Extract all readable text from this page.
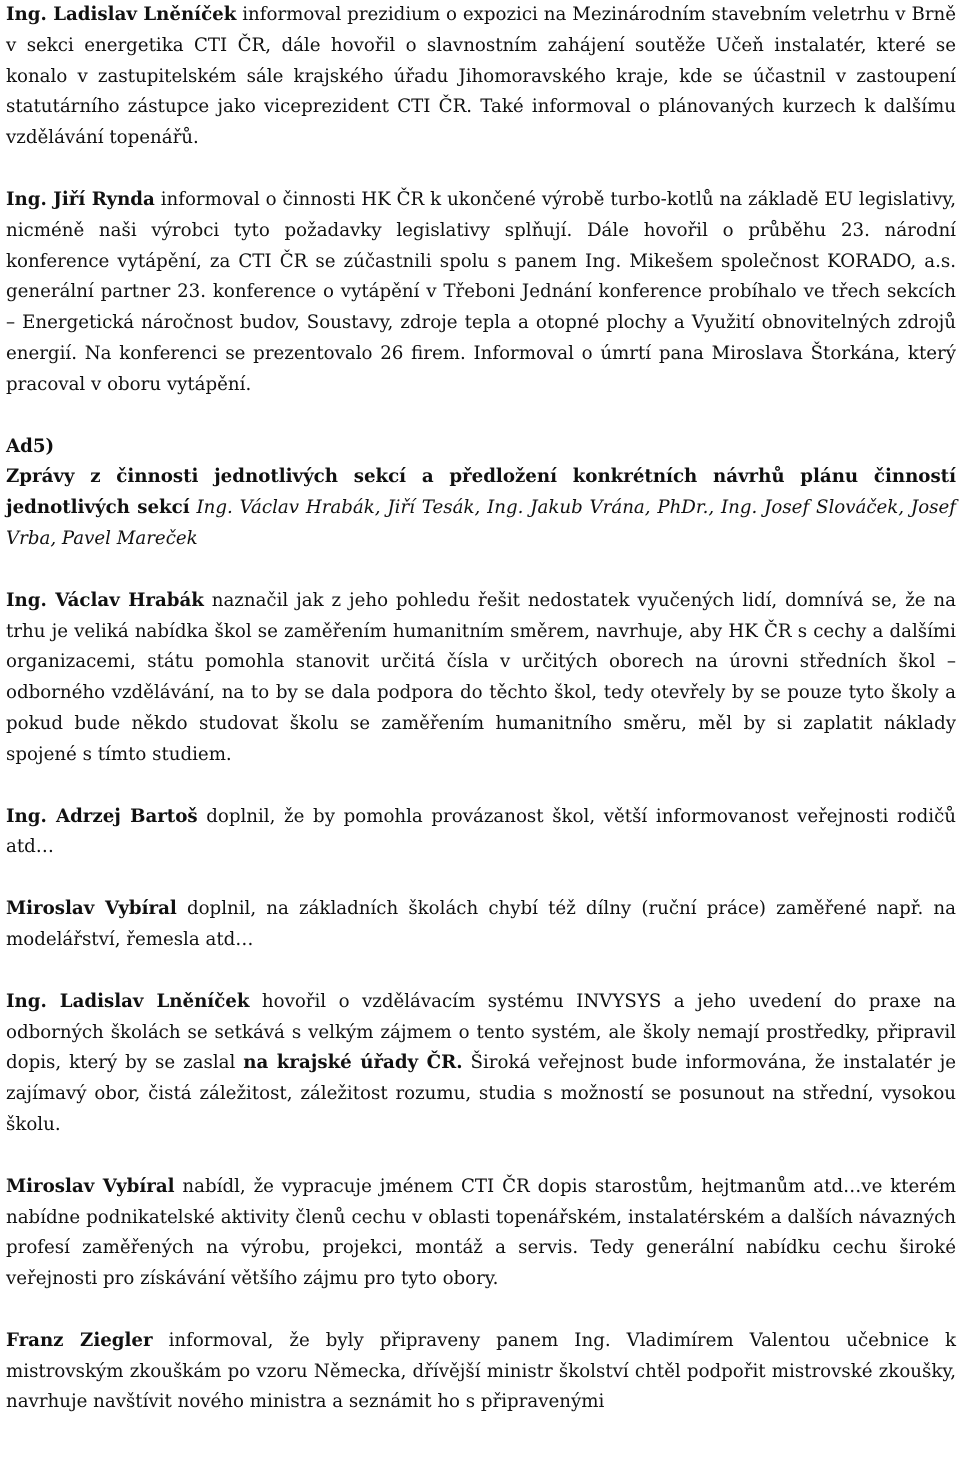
Ing. Ladislav Lněníček informoval prezidium o expozici na Mezinárodním stavebním veletrhu v Brně v sekci energetika CTI ČR, dále hovořil o slavnostním zahájení soutěže Učeň instalatér, které se konalo v zastupitelském sále krajského úřadu Jihomoravského kraje, kde se účastnil v zastoupení statutárního zástupce jako viceprezident CTI ČR. Také informoval o plánovaných kurzech k dalšímu vzdělávání topenářů.

Ing. Jiří Rynda informoval o činnosti HK ČR k ukončené výrobě turbo-kotlů na základě EU legislativy, nicméně naši výrobci tyto požadavky legislativy splňují. Dále hovořil o průběhu 23. národní konference vytápění, za CTI ČR se zúčastnili spolu s panem Ing. Mikešem společnost KORADO, a.s. generální partner 23. konference o vytápění v Třeboni Jednání konference probíhalo ve třech sekcích – Energetická náročnost budov, Soustavy, zdroje tepla a otopné plochy a Využití obnovitelných zdrojů energií. Na konferenci se prezentovalo 26 firem. Informoval o úmrtí pana Miroslava Štorkána, který pracoval v oboru vytápění.

Ad5)

Zprávy z činnosti jednotlivých sekcí a předložení konkrétních návrhů plánu činností jednotlivých sekcí Ing. Václav Hrabák, Jiří Tesák, Ing. Jakub Vrána, PhDr., Ing. Josef Slováček, Josef Vrba, Pavel Mareček

Ing. Václav Hrabák naznačil jak z jeho pohledu řešit nedostatek vyučených lidí, domnívá se, že na trhu je veliká nabídka škol se zaměřením humanitním směrem, navrhuje, aby HK ČR s cechy a dalšími organizacemi, státu pomohla stanovit určitá čísla v určitých oborech na úrovni středních škol – odborného vzdělávání, na to by se dala podpora do těchto škol, tedy otevřely by se pouze tyto školy a pokud bude někdo studovat školu se zaměřením humanitního směru, měl by si zaplatit náklady spojené s tímto studiem.

Ing. Adrzej Bartoš doplnil, že by pomohla provázanost škol, větší informovanost veřejnosti rodičů atd…

Miroslav Vybíral doplnil, na základních školách chybí též dílny (ruční práce) zaměřené např. na modelářství, řemesla atd…

Ing. Ladislav Lněníček hovořil o vzdělávacím systému INVYSYS a jeho uvedení do praxe na odborných školách se setkává s velkým zájmem o tento systém, ale školy nemají prostředky, připravil dopis, který by se zaslal na krajské úřady ČR. Široká veřejnost bude informována, že instalatér je zajímavý obor, čistá záležitost, záležitost rozumu, studia s možností se posunout na střední, vysokou školu.

Miroslav Vybíral nabídl, že vypracuje jménem CTI ČR dopis starostům, hejtmanům atd…ve kterém nabídne podnikatelské aktivity členů cechu v oblasti topenářském, instalatérském a dalších návazných profesí zaměřených na výrobu, projekci, montáž a servis. Tedy generální nabídku cechu široké veřejnosti pro získávání většího zájmu pro tyto obory.

Franz Ziegler informoval, že byly připraveny panem Ing. Vladimírem Valentou učebnice k mistrovským zkouškám po vzoru Německa, dřívější ministr školství chtěl podpořit mistrovské zkoušky, navrhuje navštívit nového ministra a seznámit ho s připravenými
